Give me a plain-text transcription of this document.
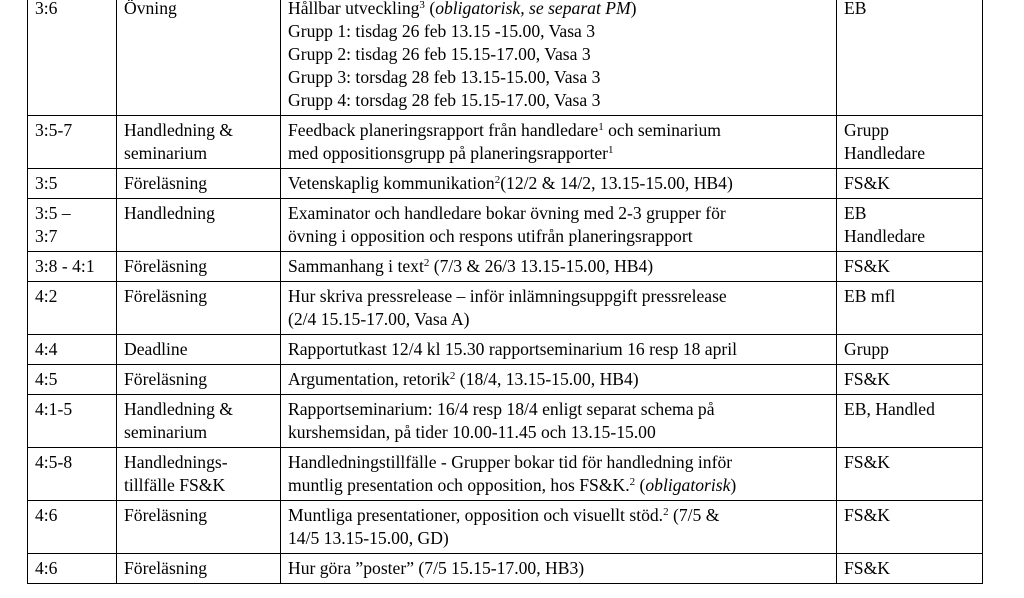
3:6	Övning	Hållbar utveckling$^3$ (obligatorisk, se separat PM)
Grupp 1: tisdag 26 feb 13.15 -15.00, Vasa 3
Grupp 2: tisdag 26 feb 15.15-17.00, Vasa 3
Grupp 3: torsdag 28 feb 13.15-15.00, Vasa 3
Grupp 4: torsdag 28 feb 15.15-17.00, Vasa 3	EB

3:5-7	Handledning &
seminarium	Feedback planeringsrapport från handledare$^1$ och seminarium
med oppositionsgrupp på planeringsrapporter$^1$	Grupp
Handledare

3:5	Föreläsning	Vetenskaplig kommunikation$^2$(12/2 & 14/2, 13.15-15.00, HB4)	FS&K

3:5 –
3:7	Handledning	Examinator och handledare bokar övning med 2-3 grupper för
övning i opposition och respons utifrån planeringsrapport	EB
Handledare

3:8 - 4:1	Föreläsning	Sammanhang i text$^2$ (7/3 & 26/3 13.15-15.00, HB4)	FS&K

4:2	Föreläsning	Hur skriva pressrelease – inför inlämningsuppgift pressrelease
(2/4 15.15-17.00, Vasa A)	EB mfl

4:4	Deadline	Rapportutkast 12/4 kl 15.30 rapportseminarium 16 resp 18 april	Grupp

4:5	Föreläsning	Argumentation, retorik$^2$ (18/4, 13.15-15.00, HB4)	FS&K

4:1-5	Handledning &
seminarium	Rapportseminarium: 16/4 resp 18/4 enligt separat schema på
kurshemsidan, på tider 10.00-11.45 och 13.15-15.00	EB, Handled

4:5-8	Handlednings-
tillfälle FS&K	Handledningstillfälle - Grupper bokar tid för handledning inför
muntlig presentation och opposition, hos FS&K.$^2$ (obligatorisk)	FS&K

4:6	Föreläsning	Muntliga presentationer, opposition och visuellt stöd.$^2$ (7/5 &
14/5 13.15-15.00, GD)	FS&K

4:6	Föreläsning	Hur göra ”poster” (7/5 15.15-17.00, HB3)	FS&K
